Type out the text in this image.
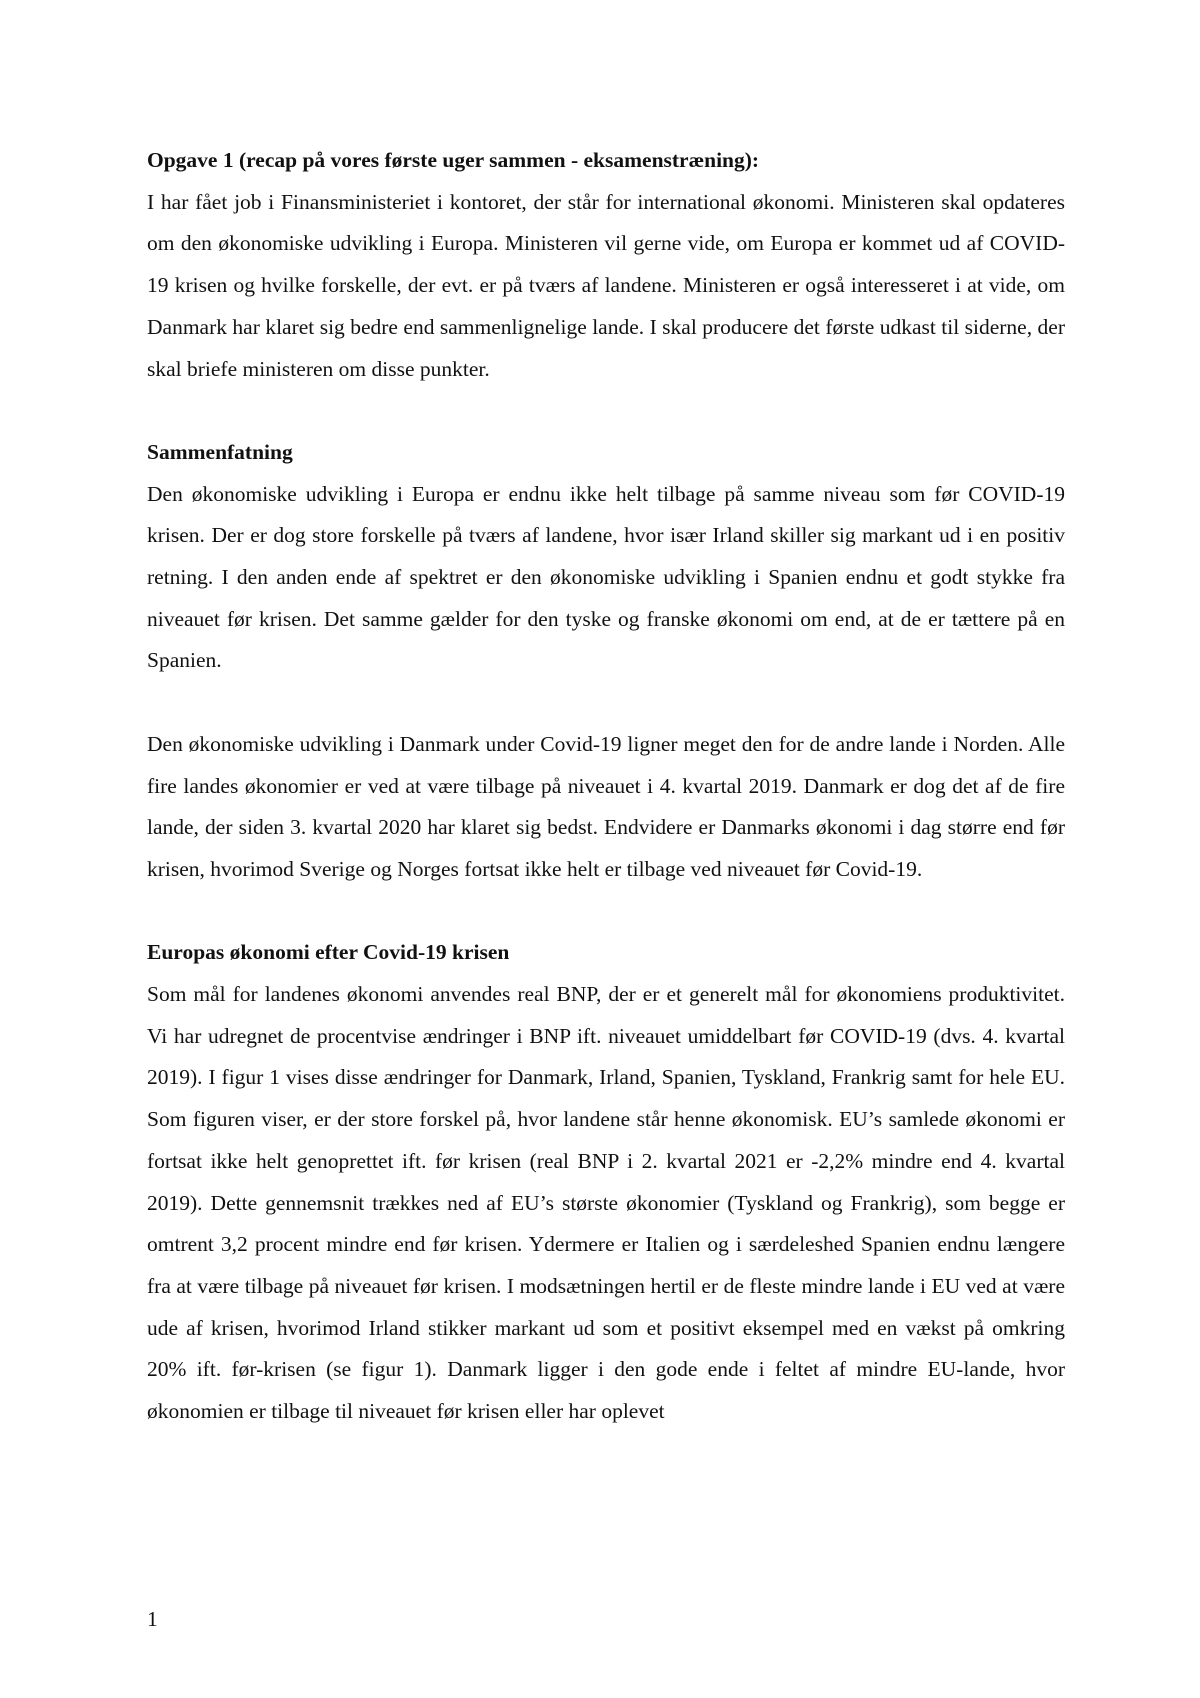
Opgave 1 (recap på vores første uger sammen - eksamenstræning):

I har fået job i Finansministeriet i kontoret, der står for international økonomi. Ministeren skal opdateres om den økonomiske udvikling i Europa. Ministeren vil gerne vide, om Europa er kommet ud af COVID-19 krisen og hvilke forskelle, der evt. er på tværs af landene. Ministeren er også interesseret i at vide, om Danmark har klaret sig bedre end sammenlignelige lande. I skal producere det første udkast til siderne, der skal briefe ministeren om disse punkter.

Sammenfatning

Den økonomiske udvikling i Europa er endnu ikke helt tilbage på samme niveau som før COVID-19 krisen. Der er dog store forskelle på tværs af landene, hvor især Irland skiller sig markant ud i en positiv retning. I den anden ende af spektret er den økonomiske udvikling i Spanien endnu et godt stykke fra niveauet før krisen. Det samme gælder for den tyske og franske økonomi om end, at de er tættere på en Spanien.

Den økonomiske udvikling i Danmark under Covid-19 ligner meget den for de andre lande i Norden. Alle fire landes økonomier er ved at være tilbage på niveauet i 4. kvartal 2019. Danmark er dog det af de fire lande, der siden 3. kvartal 2020 har klaret sig bedst. Endvidere er Danmarks økonomi i dag større end før krisen, hvorimod Sverige og Norges fortsat ikke helt er tilbage ved niveauet før Covid-19.

Europas økonomi efter Covid-19 krisen

Som mål for landenes økonomi anvendes real BNP, der er et generelt mål for økonomiens produktivitet. Vi har udregnet de procentvise ændringer i BNP ift. niveauet umiddelbart før COVID-19 (dvs. 4. kvartal 2019). I figur 1 vises disse ændringer for Danmark, Irland, Spanien, Tyskland, Frankrig samt for hele EU. Som figuren viser, er der store forskel på, hvor landene står henne økonomisk. EU’s samlede økonomi er fortsat ikke helt genoprettet ift. før krisen (real BNP i 2. kvartal 2021 er -2,2% mindre end 4. kvartal 2019). Dette gennemsnit trækkes ned af EU’s største økonomier (Tyskland og Frankrig), som begge er omtrent 3,2 procent mindre end før krisen. Ydermere er Italien og i særdeleshed Spanien endnu længere fra at være tilbage på niveauet før krisen. I modsætningen hertil er de fleste mindre lande i EU ved at være ude af krisen, hvorimod Irland stikker markant ud som et positivt eksempel med en vækst på omkring 20% ift. før-krisen (se figur 1). Danmark ligger i den gode ende i feltet af mindre EU-lande, hvor økonomien er tilbage til niveauet før krisen eller har oplevet

1
